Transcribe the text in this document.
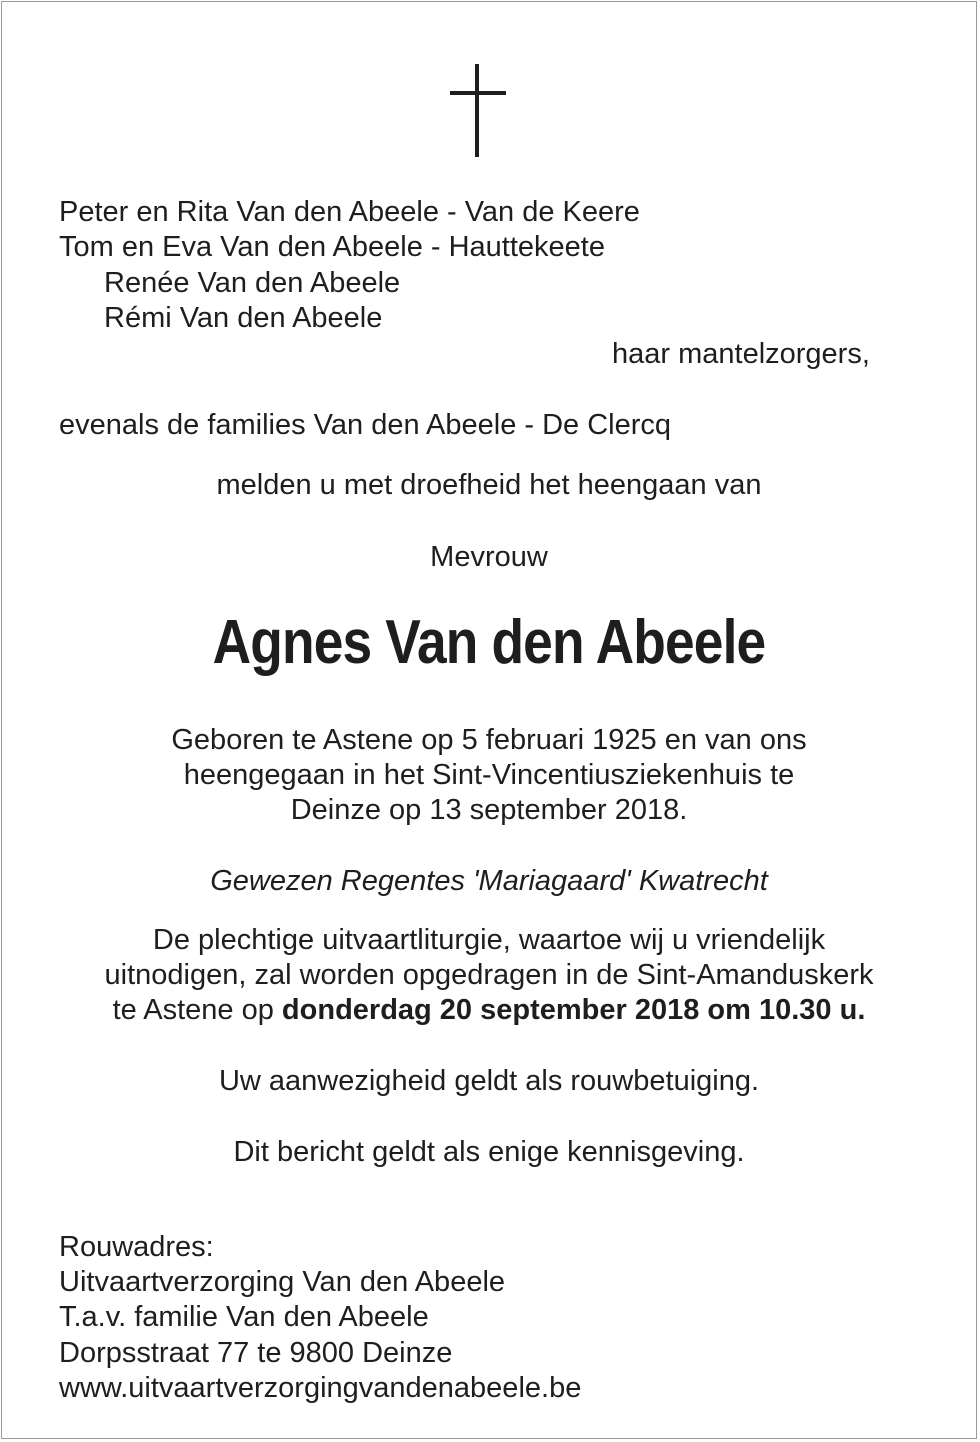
Peter en Rita Van den Abeele - Van de Keere
Tom en Eva Van den Abeele - Hauttekeete
Renée Van den Abeele
Rémi Van den Abeele
haar mantelzorgers,
evenals de families Van den Abeele - De Clercq
melden u met droefheid het heengaan van
Mevrouw
Agnes Van den Abeele
Geboren te Astene op 5 februari 1925 en van ons
heengegaan in het Sint-Vincentiusziekenhuis te
Deinze op 13 september 2018.
Gewezen Regentes 'Mariagaard' Kwatrecht
De plechtige uitvaartliturgie, waartoe wij u vriendelijk
uitnodigen, zal worden opgedragen in de Sint-Amanduskerk
te Astene op donderdag 20 september 2018 om 10.30 u.
Uw aanwezigheid geldt als rouwbetuiging.
Dit bericht geldt als enige kennisgeving.
Rouwadres:
Uitvaartverzorging Van den Abeele
T.a.v. familie Van den Abeele
Dorpsstraat 77 te 9800 Deinze
www.uitvaartverzorgingvandenabeele.be
